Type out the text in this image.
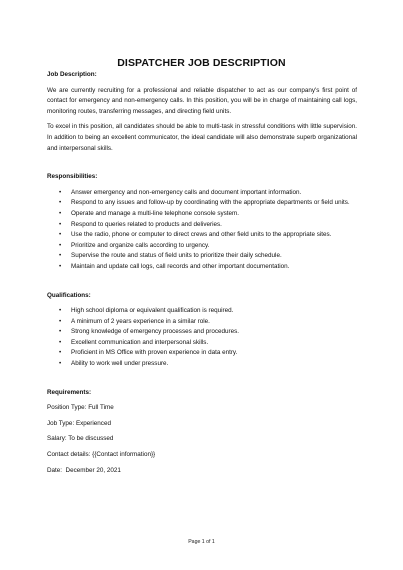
DISPATCHER JOB DESCRIPTION

Job Description:

We are currently recruiting for a professional and reliable dispatcher to act as our company's first point of contact for emergency and non-emergency calls. In this position, you will be in charge of maintaining call logs, monitoring routes, transferring messages, and directing field units.

To excel in this position, all candidates should be able to multi-task in stressful conditions with little supervision. In addition to being an excellent communicator, the ideal candidate will also demonstrate superb organizational and interpersonal skills.

Responsibilities:

• Answer emergency and non-emergency calls and document important information.
• Respond to any issues and follow-up by coordinating with the appropriate departments or field units.
• Operate and manage a multi-line telephone console system.
• Respond to queries related to products and deliveries.
• Use the radio, phone or computer to direct crews and other field units to the appropriate sites.
• Prioritize and organize calls according to urgency.
• Supervise the route and status of field units to prioritize their daily schedule.
• Maintain and update call logs, call records and other important documentation.

Qualifications:

• High school diploma or equivalent qualification is required.
• A minimum of 2 years experience in a similar role.
• Strong knowledge of emergency processes and procedures.
• Excellent communication and interpersonal skills.
• Proficient in MS Office with proven experience in data entry.
• Ability to work well under pressure.

Requirements:

Position Type: Full Time

Job Type: Experienced

Salary: To be discussed

Contact details: {{Contact information}}

Date:  December 20, 2021

Page 1 of 1
